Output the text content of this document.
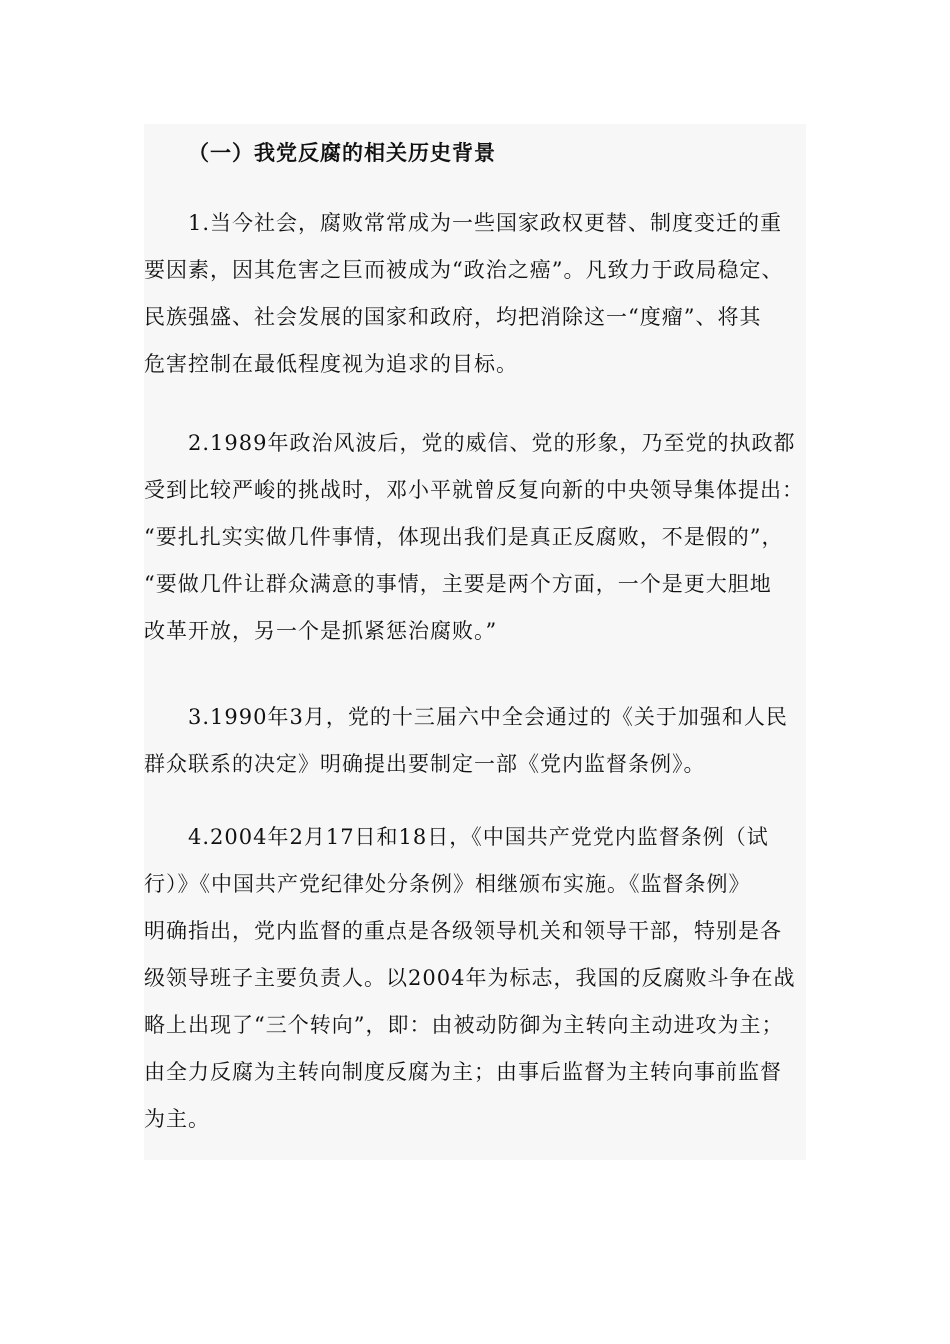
（一）我党反腐的相关历史背景
1.当今社会，腐败常常成为一些国家政权更替、制度变迁的重
要因素，因其危害之巨而被成为“政治之癌”。凡致力于政局稳定、
民族强盛、社会发展的国家和政府，均把消除这一“度瘤”、将其
危害控制在最低程度视为追求的目标。
2.1989年政治风波后，党的威信、党的形象，乃至党的执政都
受到比较严峻的挑战时，邓小平就曾反复向新的中央领导集体提出：
“要扎扎实实做几件事情，体现出我们是真正反腐败，不是假的”，
“要做几件让群众满意的事情，主要是两个方面，一个是更大胆地
改革开放，另一个是抓紧惩治腐败。”
3.1990年3月，党的十三届六中全会通过的《关于加强和人民
群众联系的决定》明确提出要制定一部《党内监督条例》。
4.2004年2月17日和18日，《中国共产党党内监督条例（试
行）》《中国共产党纪律处分条例》相继颁布实施。《监督条例》
明确指出，党内监督的重点是各级领导机关和领导干部，特别是各
级领导班子主要负责人。以2004年为标志，我国的反腐败斗争在战
略上出现了“三个转向”，即：由被动防御为主转向主动进攻为主；
由全力反腐为主转向制度反腐为主；由事后监督为主转向事前监督
为主。
